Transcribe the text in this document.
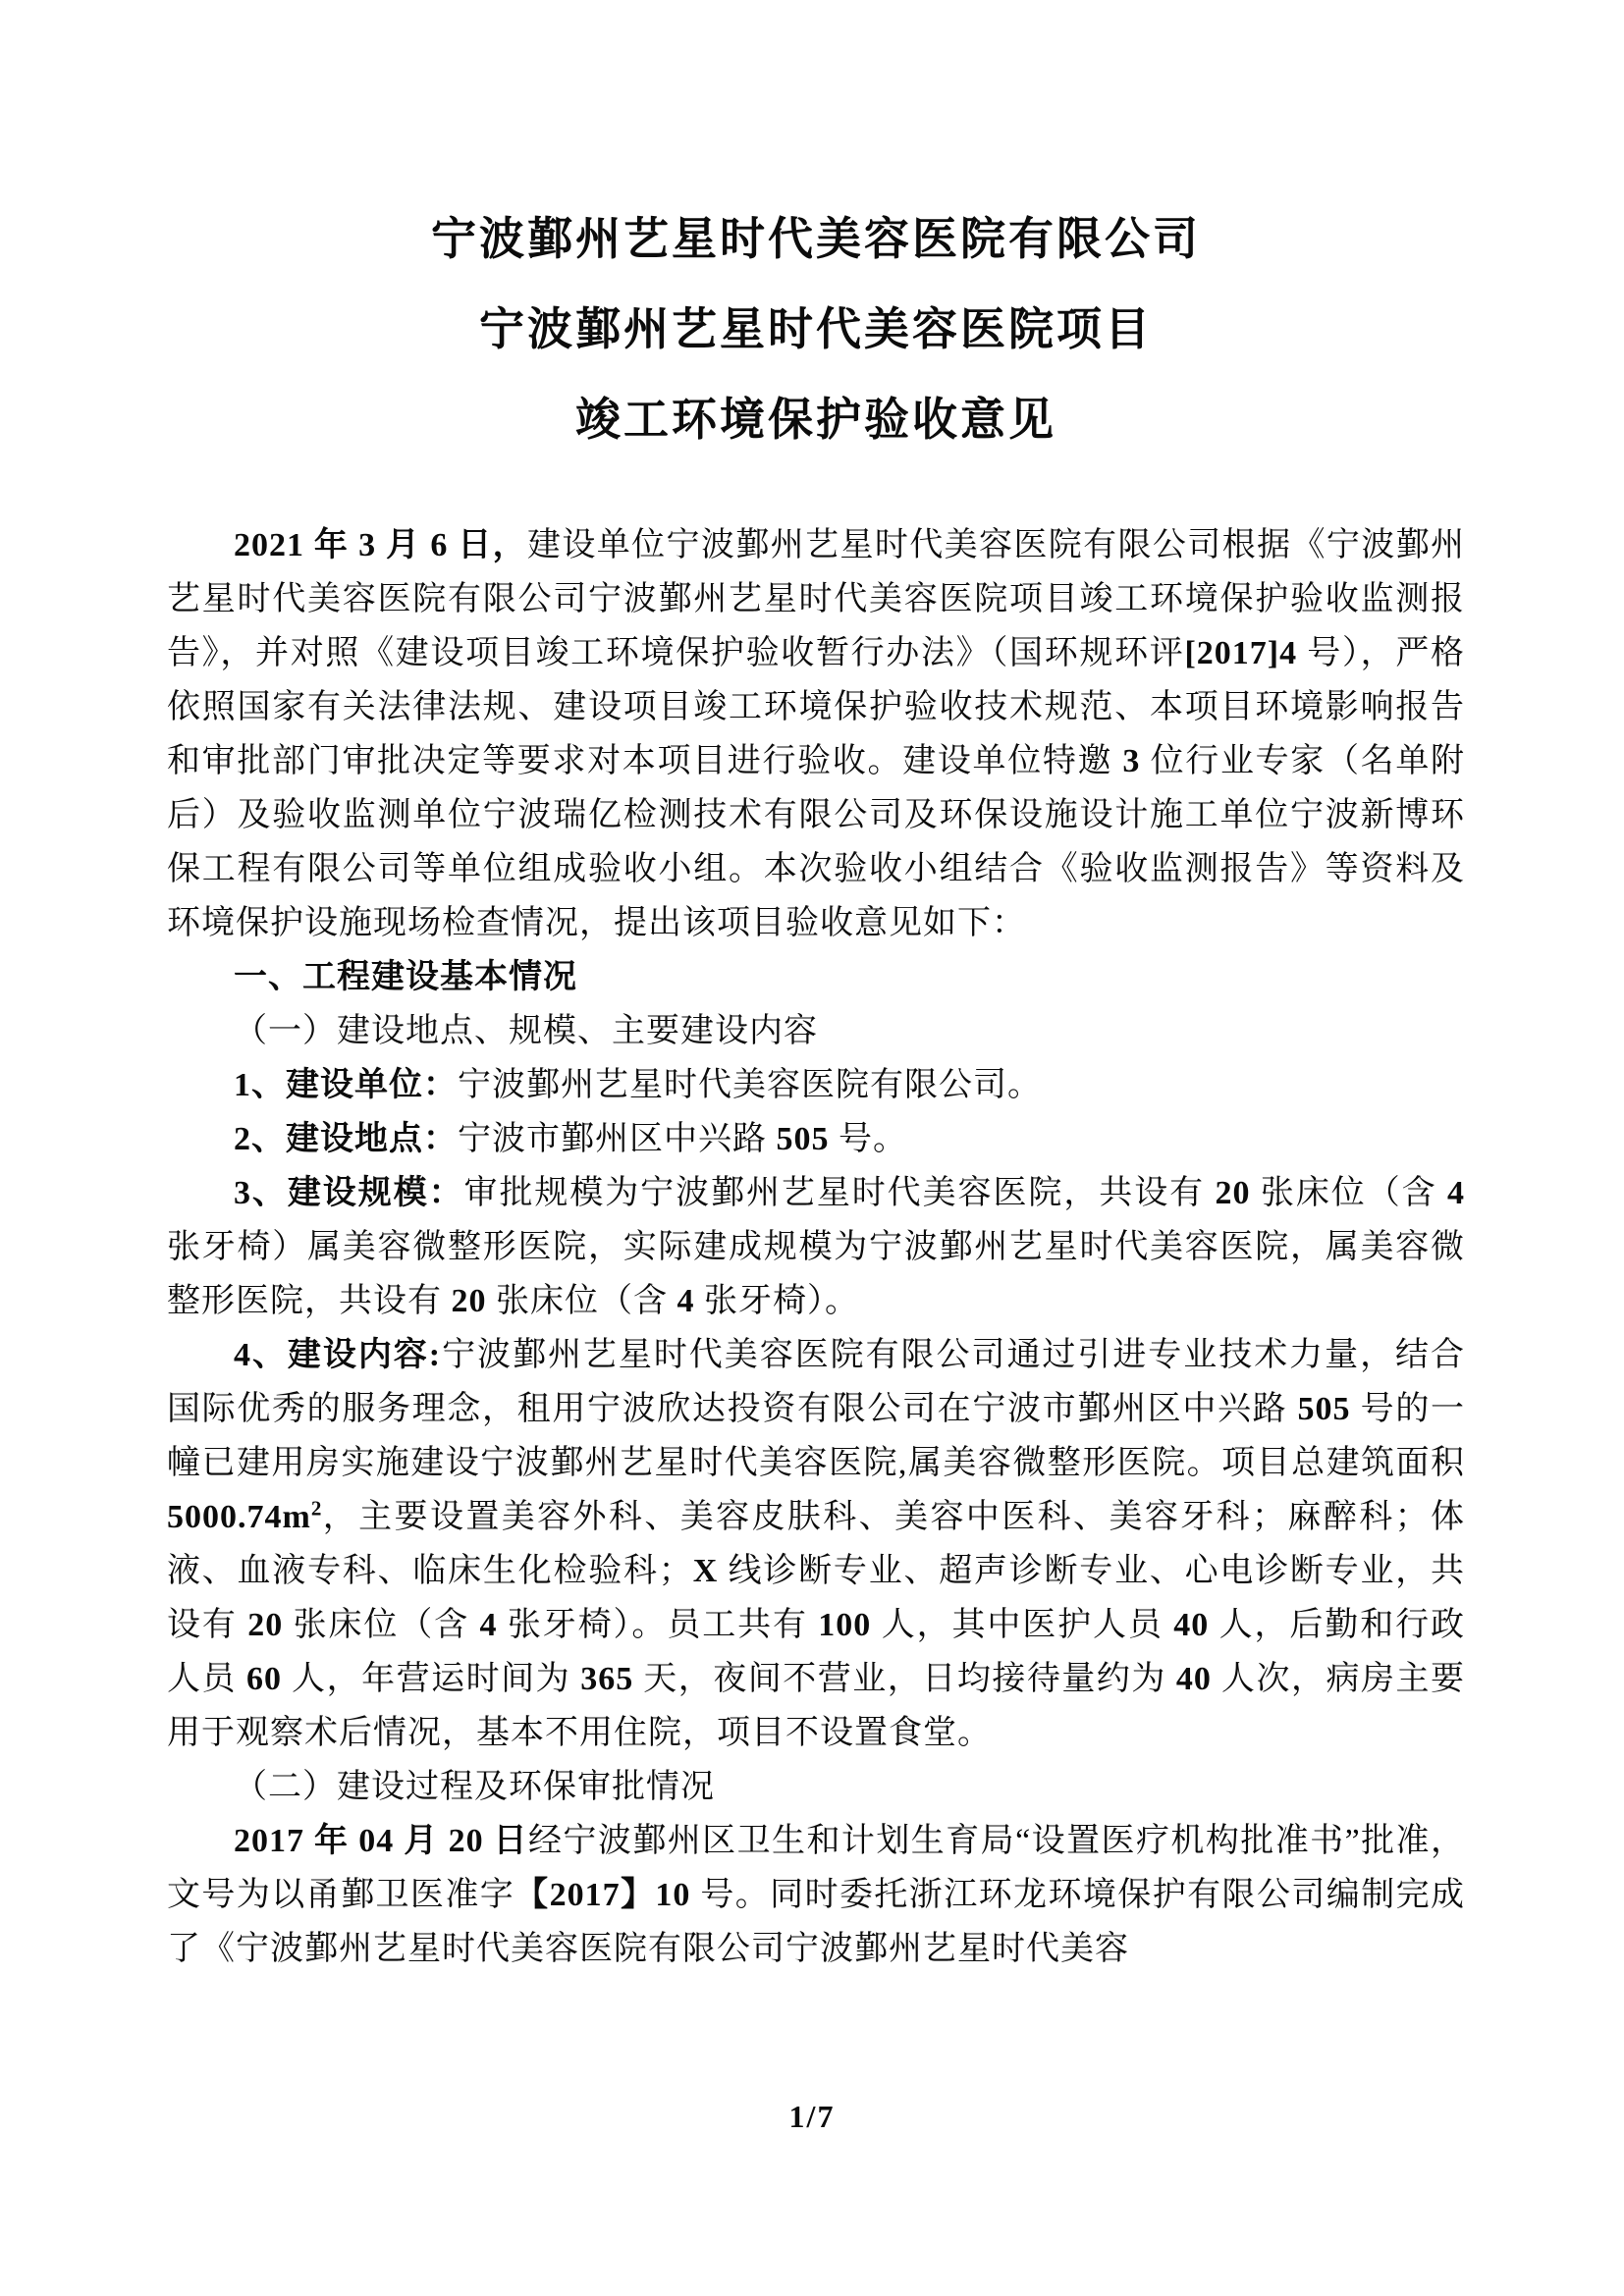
宁波鄞州艺星时代美容医院有限公司

宁波鄞州艺星时代美容医院项目

竣工环境保护验收意见

2021 年 3 月 6 日，建设单位宁波鄞州艺星时代美容医院有限公司根据《宁波鄞州艺星时代美容医院有限公司宁波鄞州艺星时代美容医院项目竣工环境保护验收监测报告》，并对照《建设项目竣工环境保护验收暂行办法》（国环规环评[2017]4 号），严格依照国家有关法律法规、建设项目竣工环境保护验收技术规范、本项目环境影响报告和审批部门审批决定等要求对本项目进行验收。建设单位特邀 3 位行业专家（名单附后）及验收监测单位宁波瑞亿检测技术有限公司及环保设施设计施工单位宁波新博环保工程有限公司等单位组成验收小组。本次验收小组结合《验收监测报告》等资料及环境保护设施现场检查情况，提出该项目验收意见如下：

一、工程建设基本情况

（一）建设地点、规模、主要建设内容

1、建设单位：宁波鄞州艺星时代美容医院有限公司。

2、建设地点：宁波市鄞州区中兴路 505 号。

3、建设规模：审批规模为宁波鄞州艺星时代美容医院，共设有 20 张床位（含 4 张牙椅）属美容微整形医院，实际建成规模为宁波鄞州艺星时代美容医院，属美容微整形医院，共设有 20 张床位（含 4 张牙椅）。

4、建设内容:宁波鄞州艺星时代美容医院有限公司通过引进专业技术力量，结合国际优秀的服务理念，租用宁波欣达投资有限公司在宁波市鄞州区中兴路 505 号的一幢已建用房实施建设宁波鄞州艺星时代美容医院,属美容微整形医院。项目总建筑面积 $5000.74m^2$，主要设置美容外科、美容皮肤科、美容中医科、美容牙科；麻醉科；体液、血液专科、临床生化检验科；X 线诊断专业、超声诊断专业、心电诊断专业，共设有 20 张床位（含 4 张牙椅）。员工共有 100 人，其中医护人员 40 人，后勤和行政人员 60 人，年营运时间为 365 天，夜间不营业，日均接待量约为 40 人次，病房主要用于观察术后情况，基本不用住院，项目不设置食堂。

（二）建设过程及环保审批情况

2017 年 04 月 20 日经宁波鄞州区卫生和计划生育局“设置医疗机构批准书”批准，文号为以甬鄞卫医准字【2017】10 号。同时委托浙江环龙环境保护有限公司编制完成了《宁波鄞州艺星时代美容医院有限公司宁波鄞州艺星时代美容

1/7
